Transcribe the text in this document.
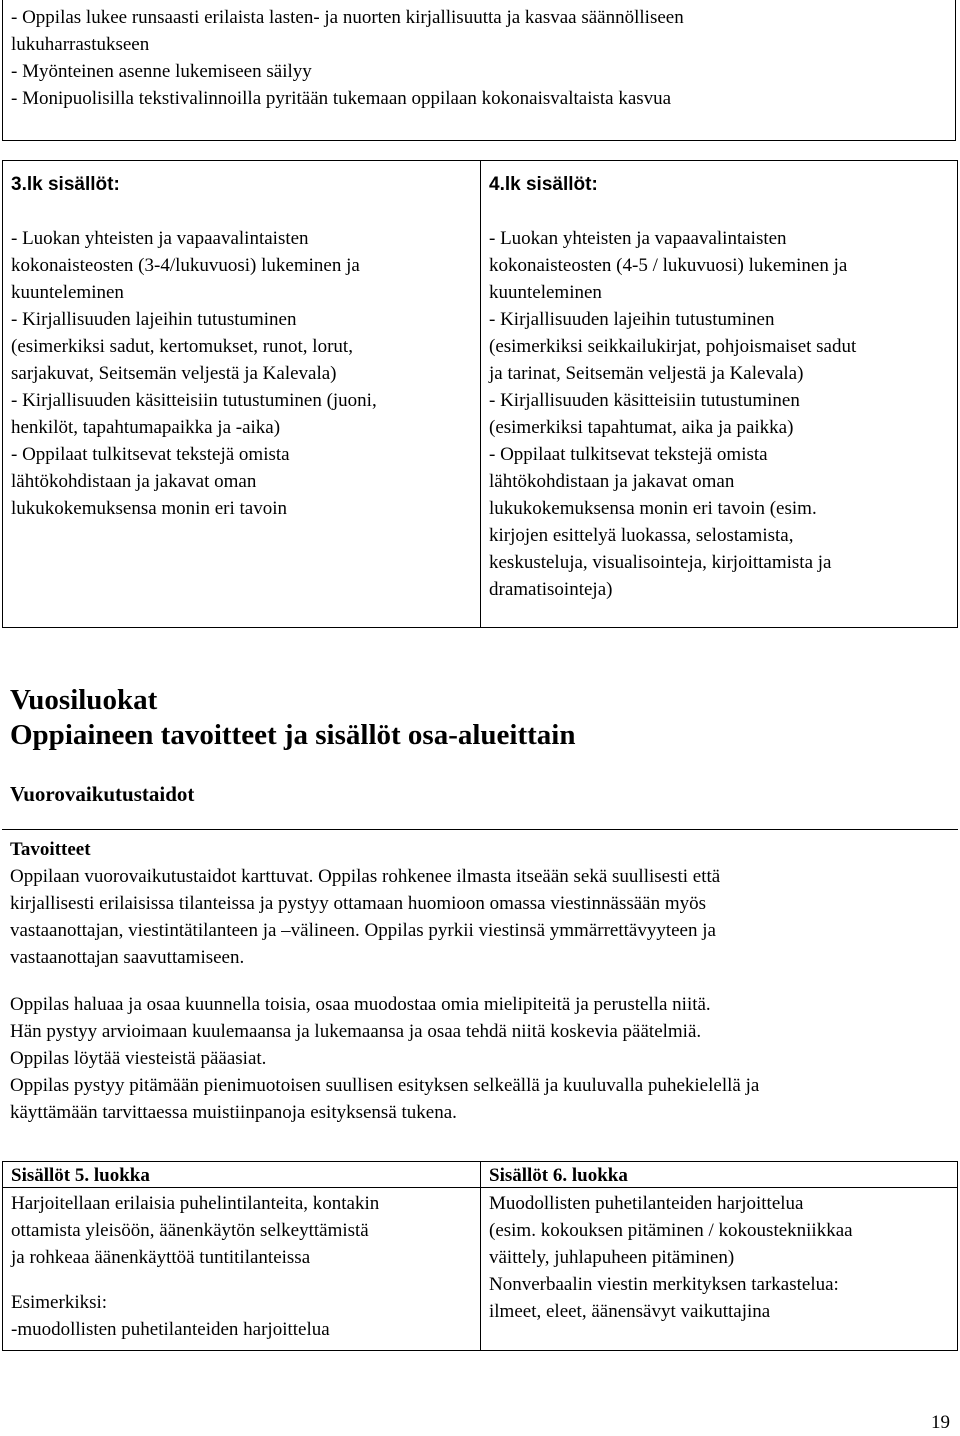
- Oppilas lukee runsaasti erilaista lasten- ja nuorten kirjallisuutta ja kasvaa säännölliseen
lukuharrastukseen
- Myönteinen asenne lukemiseen säilyy
- Monipuolisilla tekstivalinnoilla pyritään tukemaan oppilaan kokonaisvaltaista kasvua
3.lk sisällöt:
- Luokan yhteisten ja vapaavalintaisten
kokonaisteosten (3-4/lukuvuosi) lukeminen ja
kuunteleminen
- Kirjallisuuden lajeihin tutustuminen
(esimerkiksi sadut, kertomukset, runot, lorut,
sarjakuvat, Seitsemän veljestä ja Kalevala)
- Kirjallisuuden käsitteisiin tutustuminen (juoni,
henkilöt, tapahtumapaikka ja -aika)
- Oppilaat tulkitsevat tekstejä omista
lähtökohdistaan ja jakavat oman
lukukokemuksensa monin eri tavoin
4.lk sisällöt:
- Luokan yhteisten ja vapaavalintaisten
kokonaisteosten (4-5 / lukuvuosi) lukeminen ja
kuunteleminen
- Kirjallisuuden lajeihin tutustuminen
(esimerkiksi seikkailukirjat, pohjoismaiset sadut
ja tarinat, Seitsemän veljestä ja Kalevala)
- Kirjallisuuden käsitteisiin tutustuminen
(esimerkiksi tapahtumat, aika ja paikka)
- Oppilaat tulkitsevat tekstejä omista
lähtökohdistaan ja jakavat oman
lukukokemuksensa monin eri tavoin (esim.
kirjojen esittelyä luokassa, selostamista,
keskusteluja, visualisointeja, kirjoittamista ja
dramatisointeja)
Vuosiluokat
Oppiaineen tavoitteet ja sisällöt osa-alueittain
Vuorovaikutustaidot
Tavoitteet
Oppilaan vuorovaikutustaidot karttuvat. Oppilas rohkenee ilmasta itseään sekä suullisesti että
kirjallisesti erilaisissa tilanteissa ja pystyy ottamaan huomioon omassa viestinnässään myös
vastaanottajan, viestintätilanteen ja –välineen. Oppilas pyrkii viestinsä ymmärrettävyyteen ja
vastaanottajan saavuttamiseen.
Oppilas haluaa ja osaa kuunnella toisia, osaa muodostaa omia mielipiteitä ja perustella niitä.
Hän pystyy arvioimaan kuulemaansa ja lukemaansa ja osaa tehdä niitä koskevia päätelmiä.
Oppilas löytää viesteistä pääasiat.
Oppilas pystyy pitämään pienimuotoisen suullisen esityksen selkeällä ja kuuluvalla puhekielellä ja
käyttämään tarvittaessa muistiinpanoja esityksensä tukena.
Sisällöt 5. luokka
Harjoitellaan erilaisia puhelintilanteita, kontakin
ottamista yleisöön, äänenkäytön selkeyttämistä
ja rohkeaa äänenkäyttöä tuntitilanteissa
Esimerkiksi:
-muodollisten puhetilanteiden harjoittelua
Sisällöt 6. luokka
Muodollisten puhetilanteiden harjoittelua
(esim. kokouksen pitäminen / kokoustekniikkaa
väittely, juhlapuheen pitäminen)
Nonverbaalin viestin merkityksen tarkastelua:
ilmeet, eleet, äänensävyt vaikuttajina
19
